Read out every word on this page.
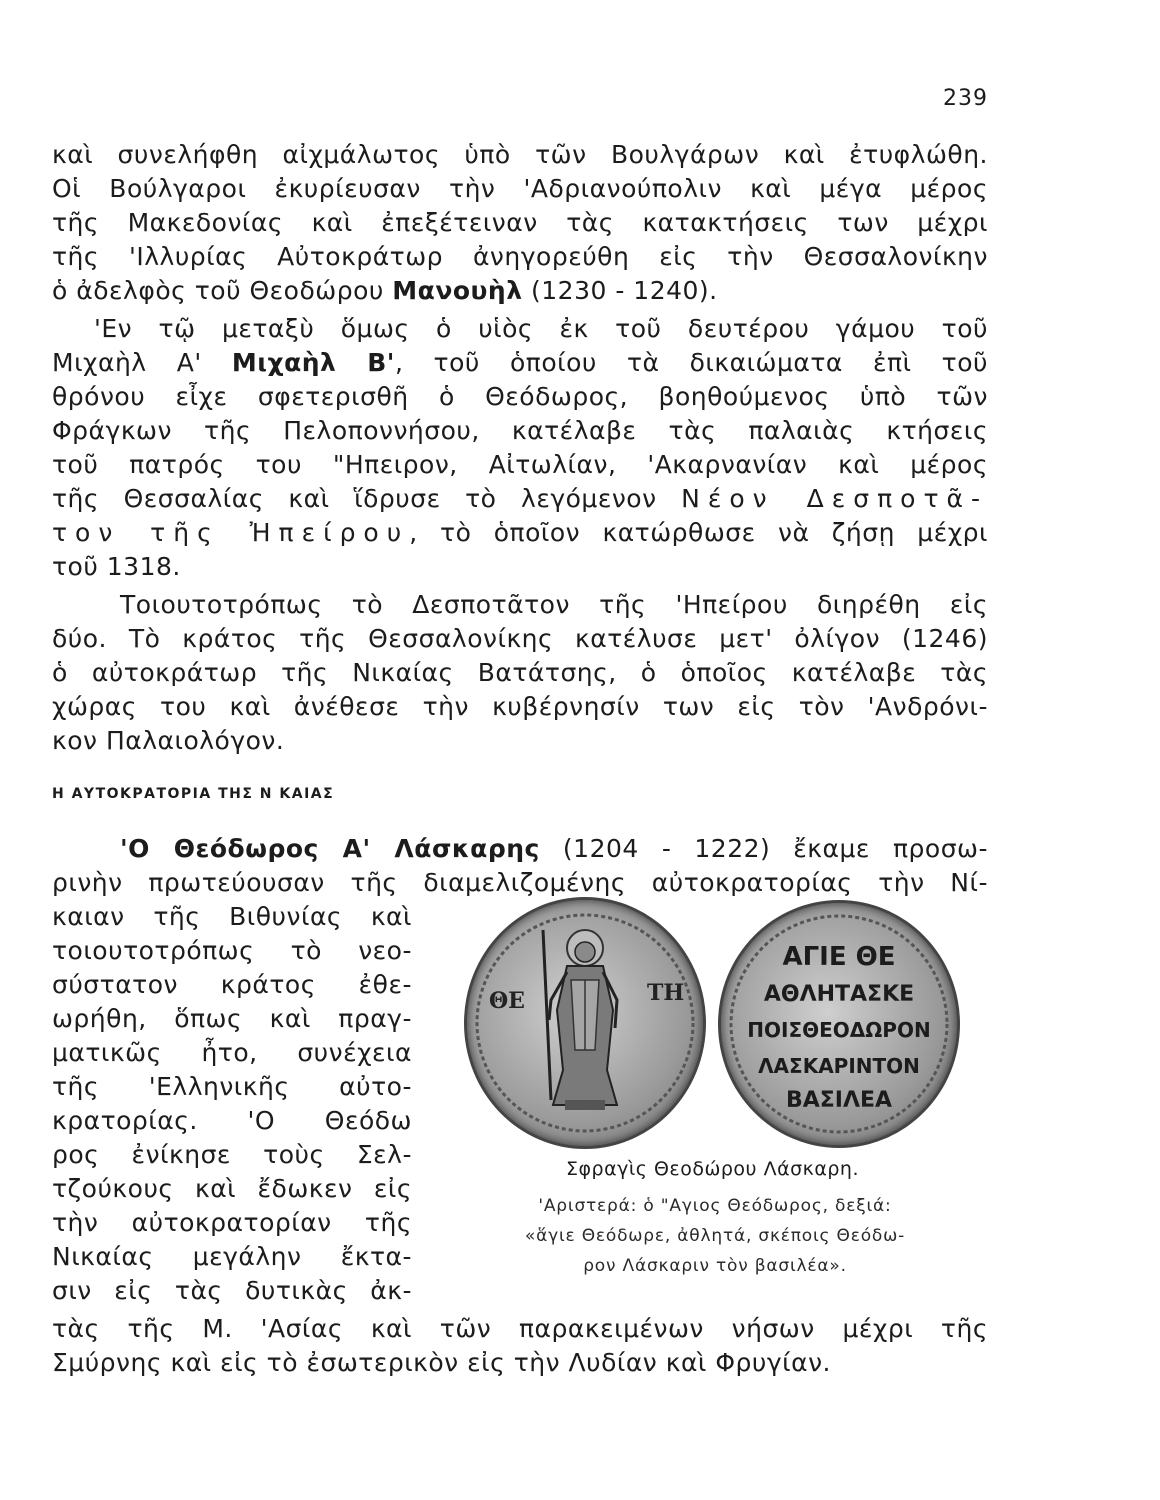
239
καὶ συνελήφθη αἰχμάλωτος ὑπὸ τῶν Βουλγάρων καὶ ἐτυφλώθη.
Οἱ Βούλγαροι ἐκυρίευσαν τὴν 'Αδριανούπολιν καὶ μέγα μέρος
τῆς Μακεδονίας καὶ ἐπεξέτειναν τὰς κατακτήσεις των μέχρι
τῆς 'Ιλλυρίας Αὐτοκράτωρ ἀνηγορεύθη εἰς τὴν Θεσσαλονίκην
ὁ ἀδελφὸς τοῦ Θεοδώρου Μανουὴλ (1230 - 1240).
'Εν τῷ μεταξὺ ὅμως ὁ υἱὸς ἐκ τοῦ δευτέρου γάμου τοῦ
Μιχαὴλ Α' Μιχαὴλ Β', τοῦ ὁποίου τὰ δικαιώματα ἐπὶ τοῦ
θρόνου εἶχε σφετερισθῆ ὁ Θεόδωρος, βοηθούμενος ὑπὸ τῶν
Φράγκων τῆς Πελοποννήσου, κατέλαβε τὰς παλαιὰς κτήσεις
τοῦ πατρός του "Ηπειρον, Αἰτωλίαν, 'Ακαρνανίαν καὶ μέρος
τῆς Θεσσαλίας καὶ ἵδρυσε τὸ λεγόμενον Νέον Δεσποτᾶ-
τον τῆς Ἠπείρου, τὸ ὁποῖον κατώρθωσε νὰ ζήσῃ μέχρι
τοῦ 1318.
Τοιουτοτρόπως τὸ Δεσποτᾶτον τῆς 'Ηπείρου διηρέθη εἰς
δύο. Τὸ κράτος τῆς Θεσσαλονίκης κατέλυσε μετ' ὀλίγον (1246)
ὁ αὐτοκράτωρ τῆς Νικαίας Βατάτσης, ὁ ὁποῖος κατέλαβε τὰς
χώρας του καὶ ἀνέθεσε τὴν κυβέρνησίν των εἰς τὸν 'Ανδρόνι-
κον Παλαιολόγον.
Η ΑΥΤΟΚΡΑΤΟΡΙΑ ΤΗΣ Ν ΚΑΙΑΣ
'Ο Θεόδωρος Α' Λάσκαρης (1204 - 1222) ἔκαμε προσω-
ρινὴν πρωτεύουσαν τῆς διαμελιζομένης αὐτοκρατορίας τὴν Νί-
καιαν τῆς Βιθυνίας καὶ
τοιουτοτρόπως τὸ νεο-
σύστατον κράτος ἐθε-
ωρήθη, ὅπως καὶ πραγ-
ματικῶς ἦτο, συνέχεια
τῆς 'Ελληνικῆς αὐτο-
κρατορίας. 'Ο Θεόδω
ρος ἐνίκησε τοὺς Σελ-
τζούκους καὶ ἔδωκεν εἰς
τὴν αὐτοκρατορίαν τῆς
Νικαίας μεγάλην ἔκτα-
σιν εἰς τὰς δυτικὰς ἀκ-
τὰς τῆς Μ. 'Ασίας καὶ τῶν παρακειμένων νήσων μέχρι τῆς
Σμύρνης καὶ εἰς τὸ ἐσωτερικὸν εἰς τὴν Λυδίαν καὶ Φρυγίαν.
ΘΕ	ΤΗ
ΑΓΙΕ ΘΕ
ΑΘΛΗΤΑΣΚΕ
ΠΟΙΣΘΕΟΔΩΡΟΝ
ΛΑΣΚΑΡΙΝΤΟΝ
ΒΑΣΙΛΕΑ
Σφραγὶς Θεοδώρου Λάσκαρη.
'Αριστερά: ὁ "Αγιος Θεόδωρος, δεξιά:
«ἅγιε Θεόδωρε, ἀθλητά, σκέποις Θεόδω-
ρον Λάσκαριν τὸν βασιλέα».
